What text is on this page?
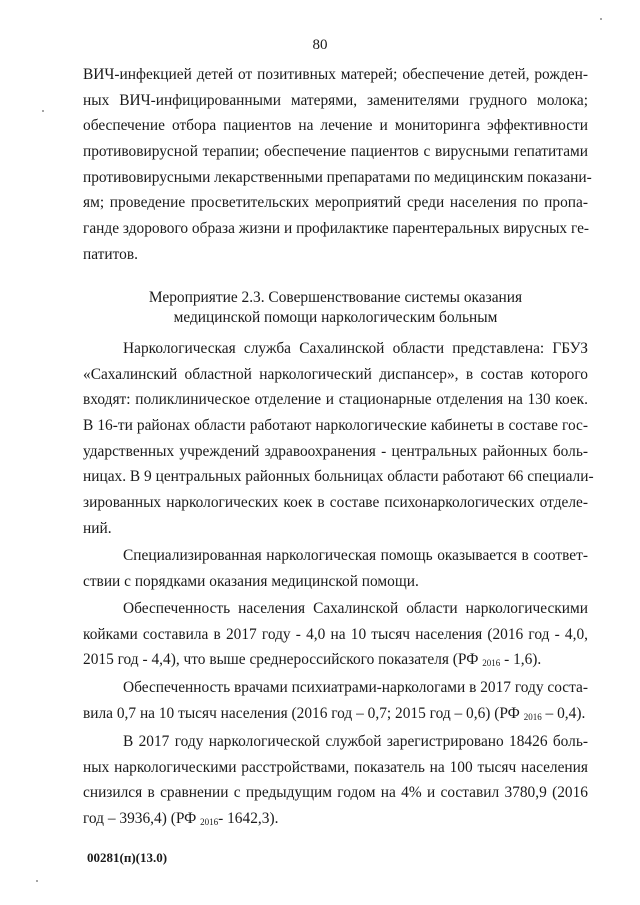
80
ВИЧ-инфекцией детей от позитивных матерей; обеспечение детей, рожден-
ных ВИЧ-инфицированными матерями, заменителями грудного молока;
обеспечение отбора пациентов на лечение и мониторинга эффективности
противовирусной терапии; обеспечение пациентов с вирусными гепатитами
противовирусными лекарственными препаратами по медицинским показани-
ям; проведение просветительских мероприятий среди населения по пропа-
ганде здорового образа жизни и профилактике парентеральных вирусных ге-
патитов.
Мероприятие 2.3. Совершенствование системы оказания
медицинской помощи наркологическим больным
Наркологическая служба Сахалинской области представлена: ГБУЗ
«Сахалинский областной наркологический диспансер», в состав которого
входят: поликлиническое отделение и стационарные отделения на 130 коек.
В 16-ти районах области работают наркологические кабинеты в составе гос-
ударственных учреждений здравоохранения - центральных районных боль-
ницах. В 9 центральных районных больницах области работают 66 специали-
зированных наркологических коек в составе психонаркологических отделе-
ний.
Специализированная наркологическая помощь оказывается в соответ-
ствии с порядками оказания медицинской помощи.
Обеспеченность населения Сахалинской области наркологическими
койками составила в 2017 году - 4,0 на 10 тысяч населения (2016 год - 4,0,
2015 год - 4,4), что выше среднероссийского показателя (РФ $_{2016}$ - 1,6).
Обеспеченность врачами психиатрами-наркологами в 2017 году соста-
вила 0,7 на 10 тысяч населения (2016 год – 0,7; 2015 год – 0,6) (РФ $_{2016}$ – 0,4).
В 2017 году наркологической службой зарегистрировано 18426 боль-
ных наркологическими расстройствами, показатель на 100 тысяч населения
снизился в сравнении с предыдущим годом на 4% и составил 3780,9 (2016
год – 3936,4) (РФ $_{2016}$- 1642,3).
00281(п)(13.0)
